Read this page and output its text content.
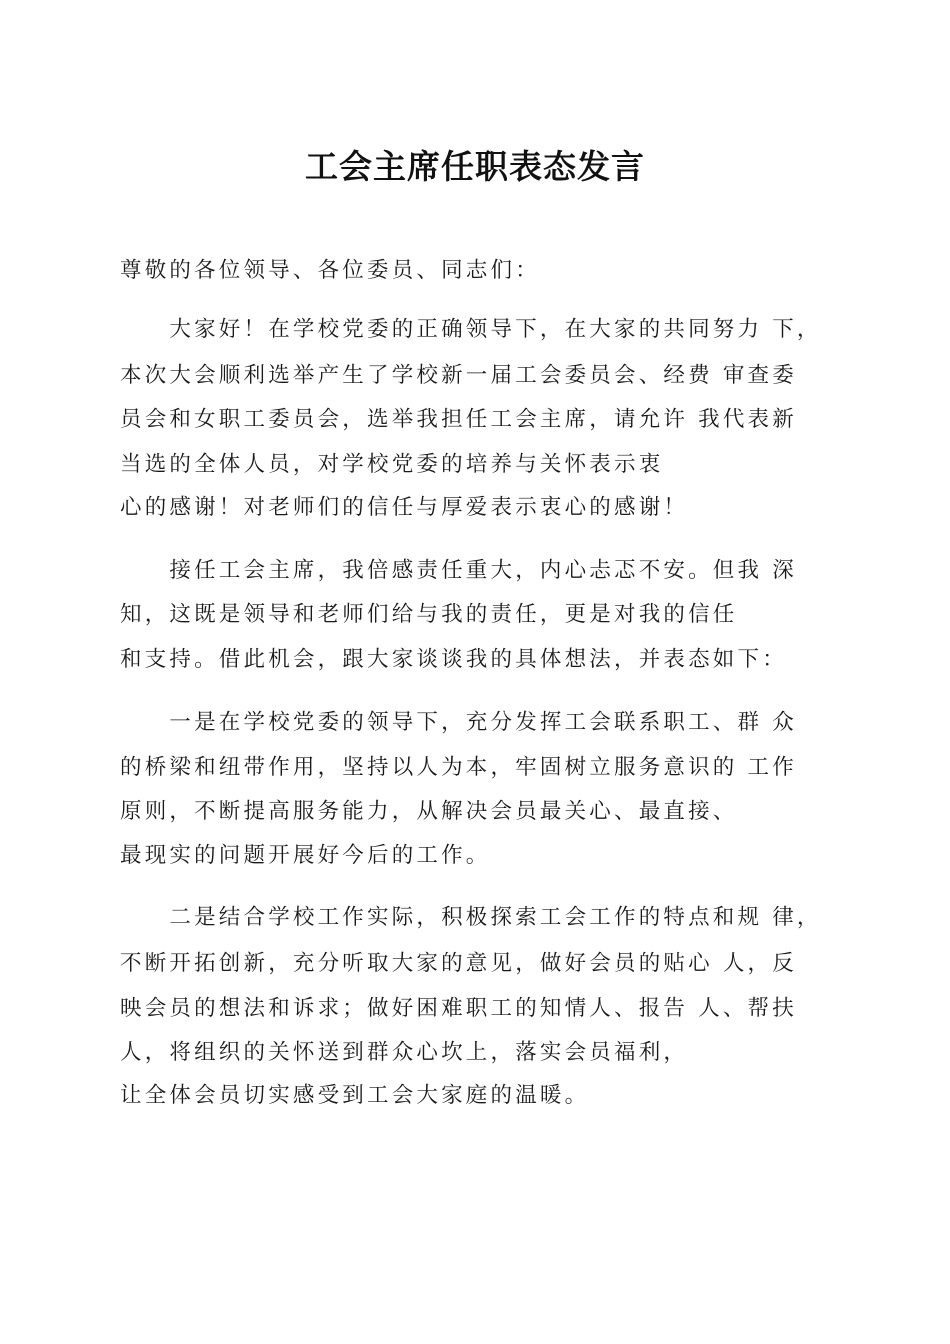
工会主席任职表态发言
尊敬的各位领导、各位委员、同志们：
　　大家好！在学校党委的正确领导下，在大家的共同努力 下，
本次大会顺利选举产生了学校新一届工会委员会、经费 审查委
员会和女职工委员会，选举我担任工会主席，请允许 我代表新
当选的全体人员，对学校党委的培养与关怀表示衷
心的感谢！对老师们的信任与厚爱表示衷心的感谢！
　　接任工会主席，我倍感责任重大，内心忐忑不安。但我 深
知，这既是领导和老师们给与我的责任，更是对我的信任
和支持。借此机会，跟大家谈谈我的具体想法，并表态如下：
　　一是在学校党委的领导下，充分发挥工会联系职工、群 众
的桥梁和纽带作用，坚持以人为本，牢固树立服务意识的 工作
原则，不断提高服务能力，从解决会员最关心、最直接、
最现实的问题开展好今后的工作。
　　二是结合学校工作实际，积极探索工会工作的特点和规 律，
不断开拓创新，充分听取大家的意见，做好会员的贴心 人，反
映会员的想法和诉求；做好困难职工的知情人、报告 人、帮扶
人，将组织的关怀送到群众心坎上，落实会员福利，
让全体会员切实感受到工会大家庭的温暖。
